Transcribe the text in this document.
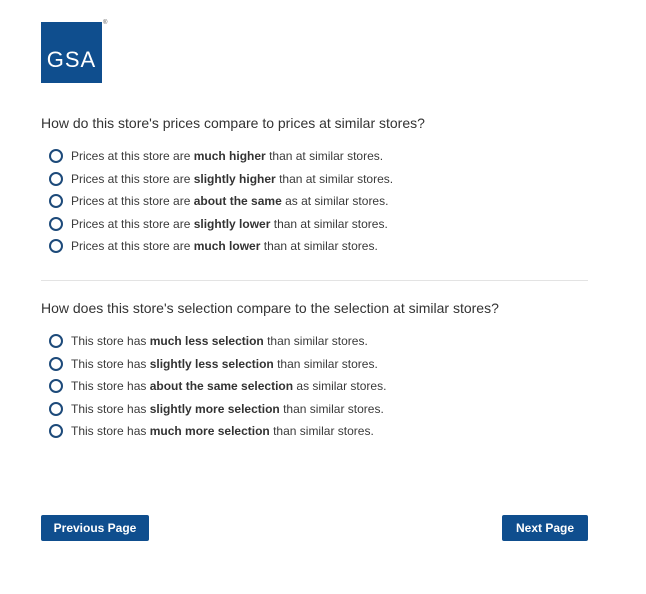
GSA
®
How do this store's prices compare to prices at similar stores?
Prices at this store are much higher than at similar stores.
Prices at this store are slightly higher than at similar stores.
Prices at this store are about the same as at similar stores.
Prices at this store are slightly lower than at similar stores.
Prices at this store are much lower than at similar stores.
How does this store's selection compare to the selection at similar stores?
This store has much less selection than similar stores.
This store has slightly less selection than similar stores.
This store has about the same selection as similar stores.
This store has slightly more selection than similar stores.
This store has much more selection than similar stores.
Previous Page	Next Page
